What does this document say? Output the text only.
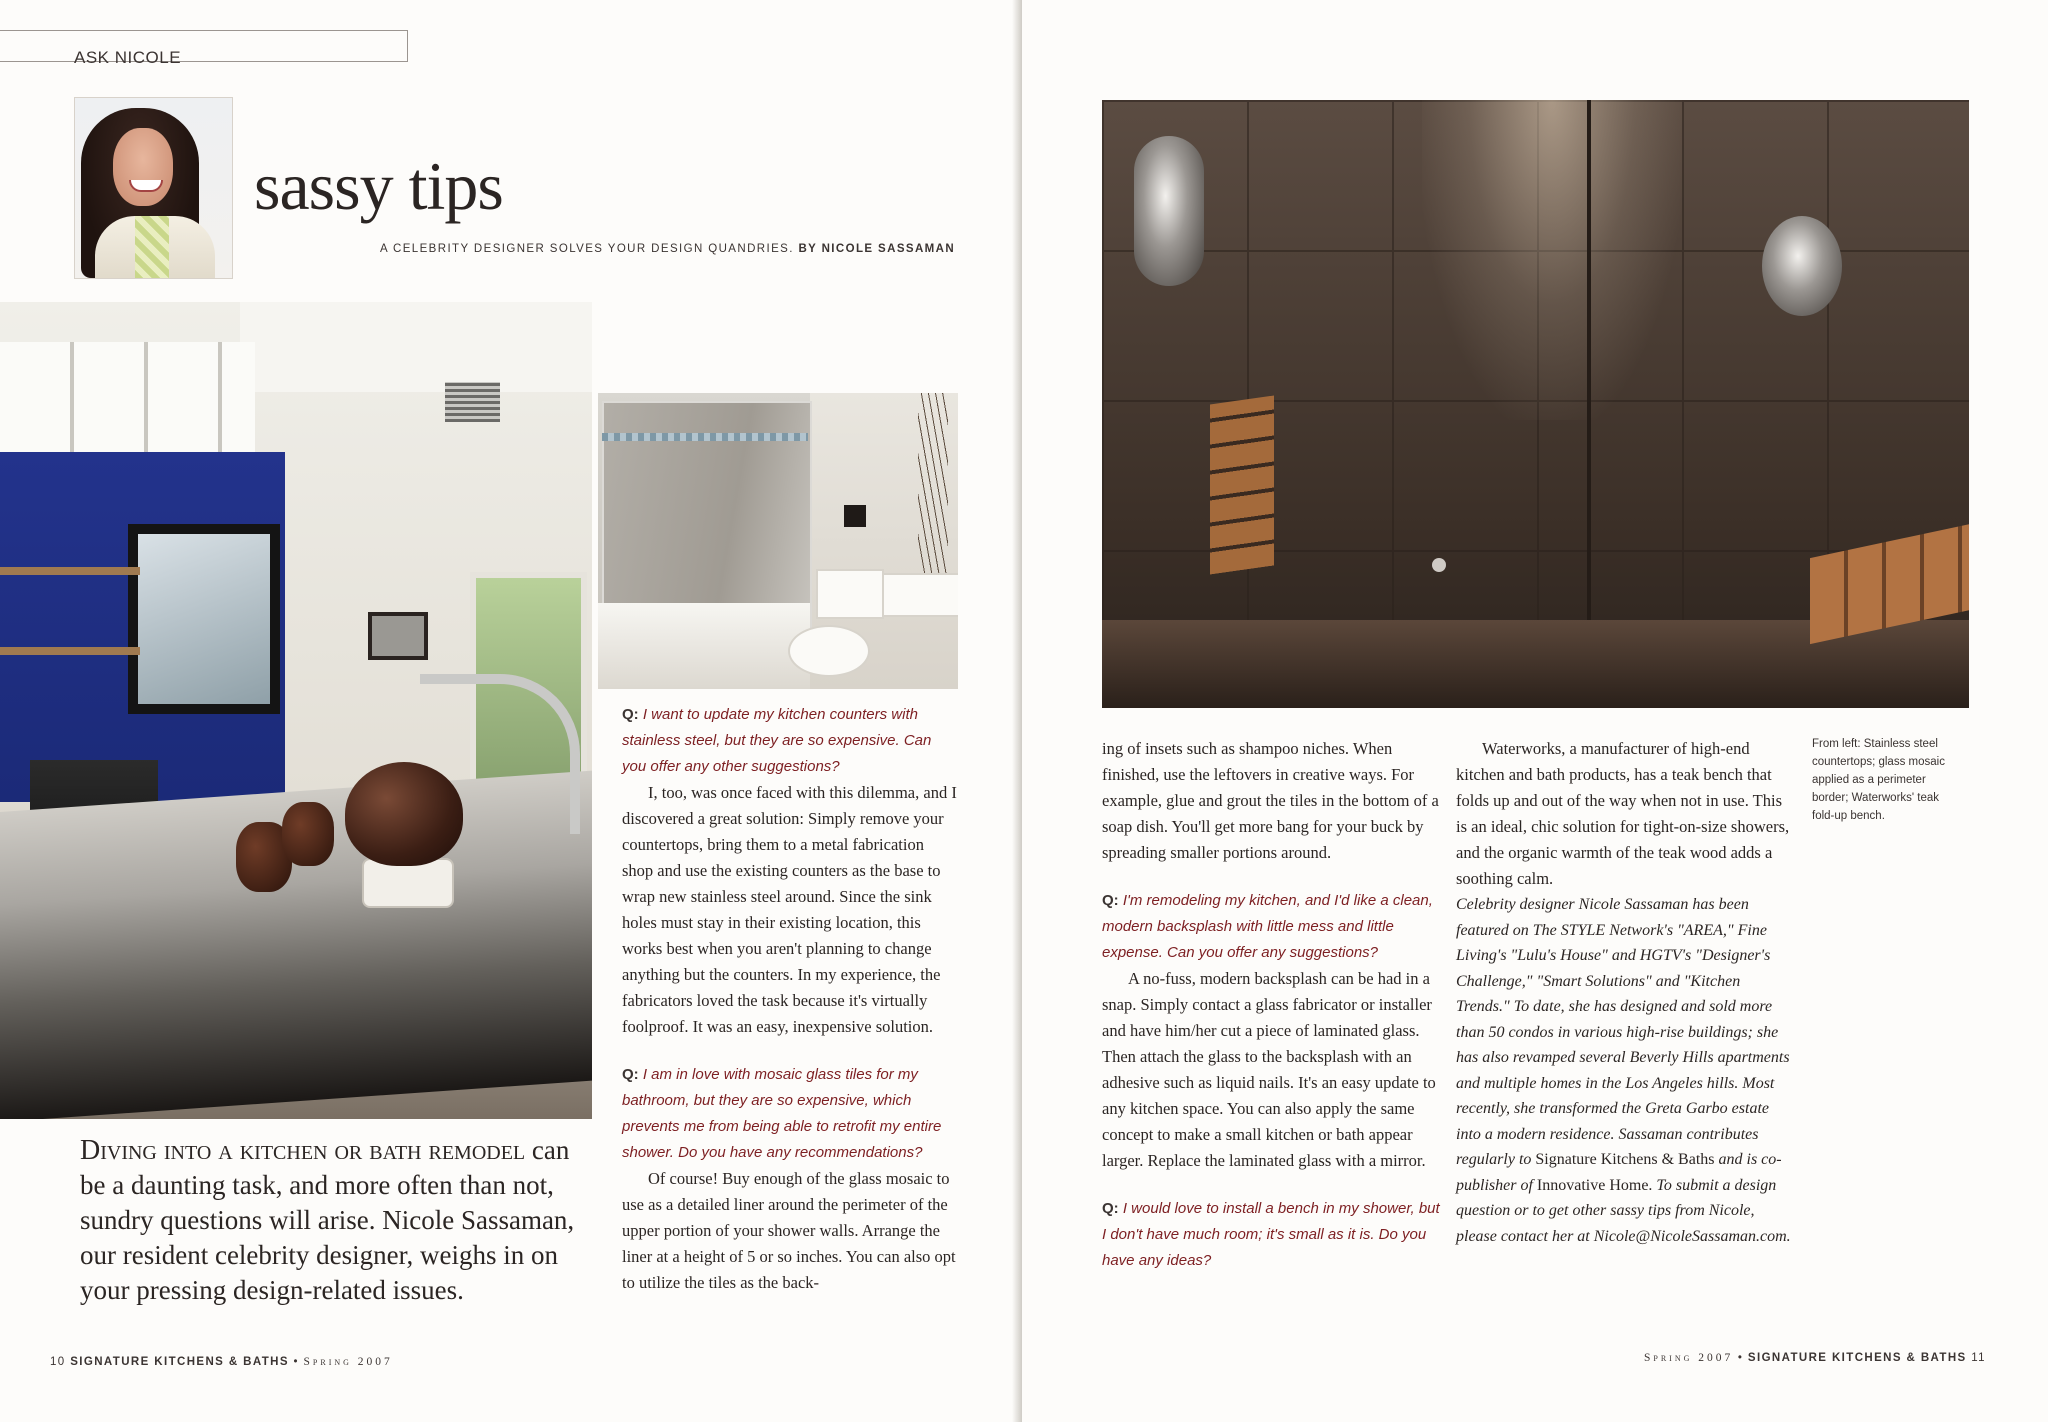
ASK NICOLE
sassy tips
A CELEBRITY DESIGNER SOLVES YOUR DESIGN QUANDRIES. BY NICOLE SASSAMAN
Diving into a kitchen or bath remodel can be a daunting task, and more often than not, sundry questions will arise. Nicole Sassaman, our resident celebrity designer, weighs in on your pressing design-related issues.

Q: I want to update my kitchen counters with stainless steel, but they are so expensive. Can you offer any other suggestions?

I, too, was once faced with this dilemma, and I discovered a great solution: Simply remove your countertops, bring them to a metal fabrication shop and use the existing counters as the base to wrap new stainless steel around. Since the sink holes must stay in their existing location, this works best when you aren't planning to change anything but the counters. In my experience, the fabricators loved the task because it's virtually foolproof. It was an easy, inexpensive solution.

Q: I am in love with mosaic glass tiles for my bathroom, but they are so expensive, which prevents me from being able to retrofit my entire shower. Do you have any recommendations?

Of course! Buy enough of the glass mosaic to use as a detailed liner around the perimeter of the upper portion of your shower walls. Arrange the liner at a height of 5 or so inches. You can also opt to utilize the tiles as the back-

10 SIGNATURE KITCHENS & BATHS • Spring 2007

ing of insets such as shampoo niches. When finished, use the leftovers in creative ways. For example, glue and grout the tiles in the bottom of a soap dish. You'll get more bang for your buck by spreading smaller portions around.

Q: I'm remodeling my kitchen, and I'd like a clean, modern backsplash with little mess and little expense. Can you offer any suggestions?

A no-fuss, modern backsplash can be had in a snap. Simply contact a glass fabricator or installer and have him/her cut a piece of laminated glass. Then attach the glass to the backsplash with an adhesive such as liquid nails. It's an easy update to any kitchen space. You can also apply the same concept to make a small kitchen or bath appear larger. Replace the laminated glass with a mirror.

Q: I would love to install a bench in my shower, but I don't have much room; it's small as it is. Do you have any ideas?

Waterworks, a manufacturer of high-end kitchen and bath products, has a teak bench that folds up and out of the way when not in use. This is an ideal, chic solution for tight-on-size showers, and the organic warmth of the teak wood adds a soothing calm.

Celebrity designer Nicole Sassaman has been featured on The STYLE Network's "AREA," Fine Living's "Lulu's House" and HGTV's "Designer's Challenge," "Smart Solutions" and "Kitchen Trends." To date, she has designed and sold more than 50 condos in various high-rise buildings; she has also revamped several Beverly Hills apartments and multiple homes in the Los Angeles hills. Most recently, she transformed the Greta Garbo estate into a modern residence. Sassaman contributes regularly to Signature Kitchens & Baths and is co-publisher of Innovative Home. To submit a design question or to get other sassy tips from Nicole, please contact her at Nicole@NicoleSassaman.com.

From left: Stainless steel countertops; glass mosaic applied as a perimeter border; Waterworks' teak fold-up bench.
Spring 2007 • SIGNATURE KITCHENS & BATHS 11
